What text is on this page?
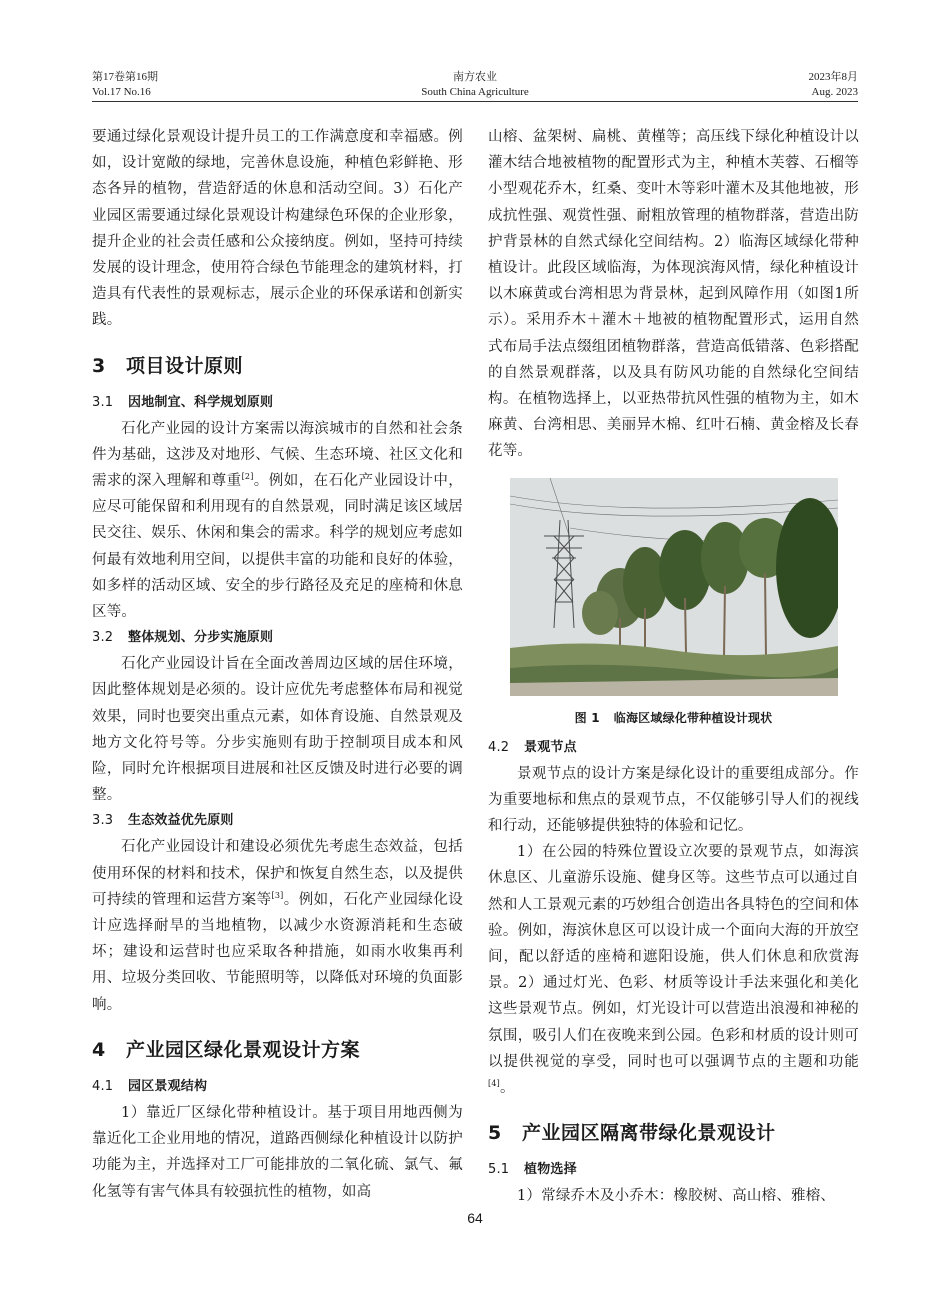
第17卷第16期
Vol.17 No.16
南方农业
South China Agriculture
2023年8月
Aug. 2023

要通过绿化景观设计提升员工的工作满意度和幸福感。例如，设计宽敞的绿地，完善休息设施，种植色彩鲜艳、形态各异的植物，营造舒适的休息和活动空间。3）石化产业园区需要通过绿化景观设计构建绿色环保的企业形象，提升企业的社会责任感和公众接纳度。例如，坚持可持续发展的设计理念，使用符合绿色节能理念的建筑材料，打造具有代表性的景观标志，展示企业的环保承诺和创新实践。

3 项目设计原则
3.1 因地制宜、科学规划原则

石化产业园的设计方案需以海滨城市的自然和社会条件为基础，这涉及对地形、气候、生态环境、社区文化和需求的深入理解和尊重[2]。例如，在石化产业园设计中，应尽可能保留和利用现有的自然景观，同时满足该区域居民交往、娱乐、休闲和集会的需求。科学的规划应考虑如何最有效地利用空间，以提供丰富的功能和良好的体验，如多样的活动区域、安全的步行路径及充足的座椅和休息区等。

3.2 整体规划、分步实施原则

石化产业园设计旨在全面改善周边区域的居住环境，因此整体规划是必须的。设计应优先考虑整体布局和视觉效果，同时也要突出重点元素，如体育设施、自然景观及地方文化符号等。分步实施则有助于控制项目成本和风险，同时允许根据项目进展和社区反馈及时进行必要的调整。

3.3 生态效益优先原则

石化产业园设计和建设必须优先考虑生态效益，包括使用环保的材料和技术，保护和恢复自然生态，以及提供可持续的管理和运营方案等[3]。例如，石化产业园绿化设计应选择耐旱的当地植物，以减少水资源消耗和生态破坏；建设和运营时也应采取各种措施，如雨水收集再利用、垃圾分类回收、节能照明等，以降低对环境的负面影响。

4 产业园区绿化景观设计方案
4.1 园区景观结构

1）靠近厂区绿化带种植设计。基于项目用地西侧为靠近化工企业用地的情况，道路西侧绿化种植设计以防护功能为主，并选择对工厂可能排放的二氧化硫、氯气、氟化氢等有害气体具有较强抗性的植物，如高

山榕、盆架树、扁桃、黄槿等；高压线下绿化种植设计以灌木结合地被植物的配置形式为主，种植木芙蓉、石榴等小型观花乔木，红桑、变叶木等彩叶灌木及其他地被，形成抗性强、观赏性强、耐粗放管理的植物群落，营造出防护背景林的自然式绿化空间结构。2）临海区域绿化带种植设计。此段区域临海，为体现滨海风情，绿化种植设计以木麻黄或台湾相思为背景林，起到风障作用（如图1所示）。采用乔木＋灌木＋地被的植物配置形式，运用自然式布局手法点缀组团植物群落，营造高低错落、色彩搭配的自然景观群落，以及具有防风功能的自然绿化空间结构。在植物选择上，以亚热带抗风性强的植物为主，如木麻黄、台湾相思、美丽异木棉、红叶石楠、黄金榕及长春花等。

图 1 临海区域绿化带种植设计现状
4.2 景观节点

景观节点的设计方案是绿化设计的重要组成部分。作为重要地标和焦点的景观节点，不仅能够引导人们的视线和行动，还能够提供独特的体验和记忆。

1）在公园的特殊位置设立次要的景观节点，如海滨休息区、儿童游乐设施、健身区等。这些节点可以通过自然和人工景观元素的巧妙组合创造出各具特色的空间和体验。例如，海滨休息区可以设计成一个面向大海的开放空间，配以舒适的座椅和遮阳设施，供人们休息和欣赏海景。2）通过灯光、色彩、材质等设计手法来强化和美化这些景观节点。例如，灯光设计可以营造出浪漫和神秘的氛围，吸引人们在夜晚来到公园。色彩和材质的设计则可以提供视觉的享受，同时也可以强调节点的主题和功能[4]。

5 产业园区隔离带绿化景观设计
5.1 植物选择

1）常绿乔木及小乔木：橡胶树、高山榕、雅榕、

64
